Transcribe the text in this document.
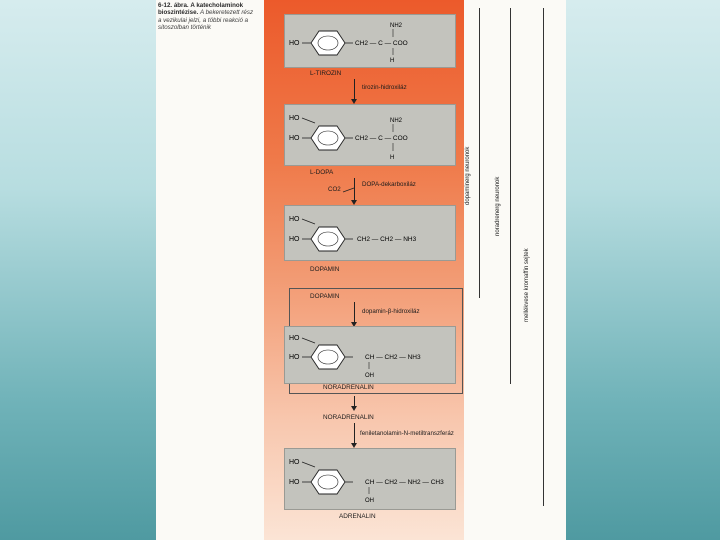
6-12. ábra. A katecholaminok bioszintézise. A bekeretezett rész a vezikulai jelzi, a többi reakció a sitoszolban történik
HO	CH2 — C — COO
NH2
H
L-TIROZIN
tirozin-hidroxiláz
HO
HO	CH2 — C — COO
NH2
H
L-DOPA
DOPA-dekarboxiláz
CO2
HO
HO	CH2 — CH2 — NH3
DOPAMIN
DOPAMIN
dopamin-β-hidroxiláz
HO
HO	CH — CH2 — NH3
OH
NORADRENALIN
NORADRENALIN
feniletanolamin-N-metiltranszferáz
HO
HO	CH — CH2 — NH2 — CH3
OH
ADRENALIN
dopaminerg neuronok
noradrenerg neuronok
mellékvese kromaffin sejtek
